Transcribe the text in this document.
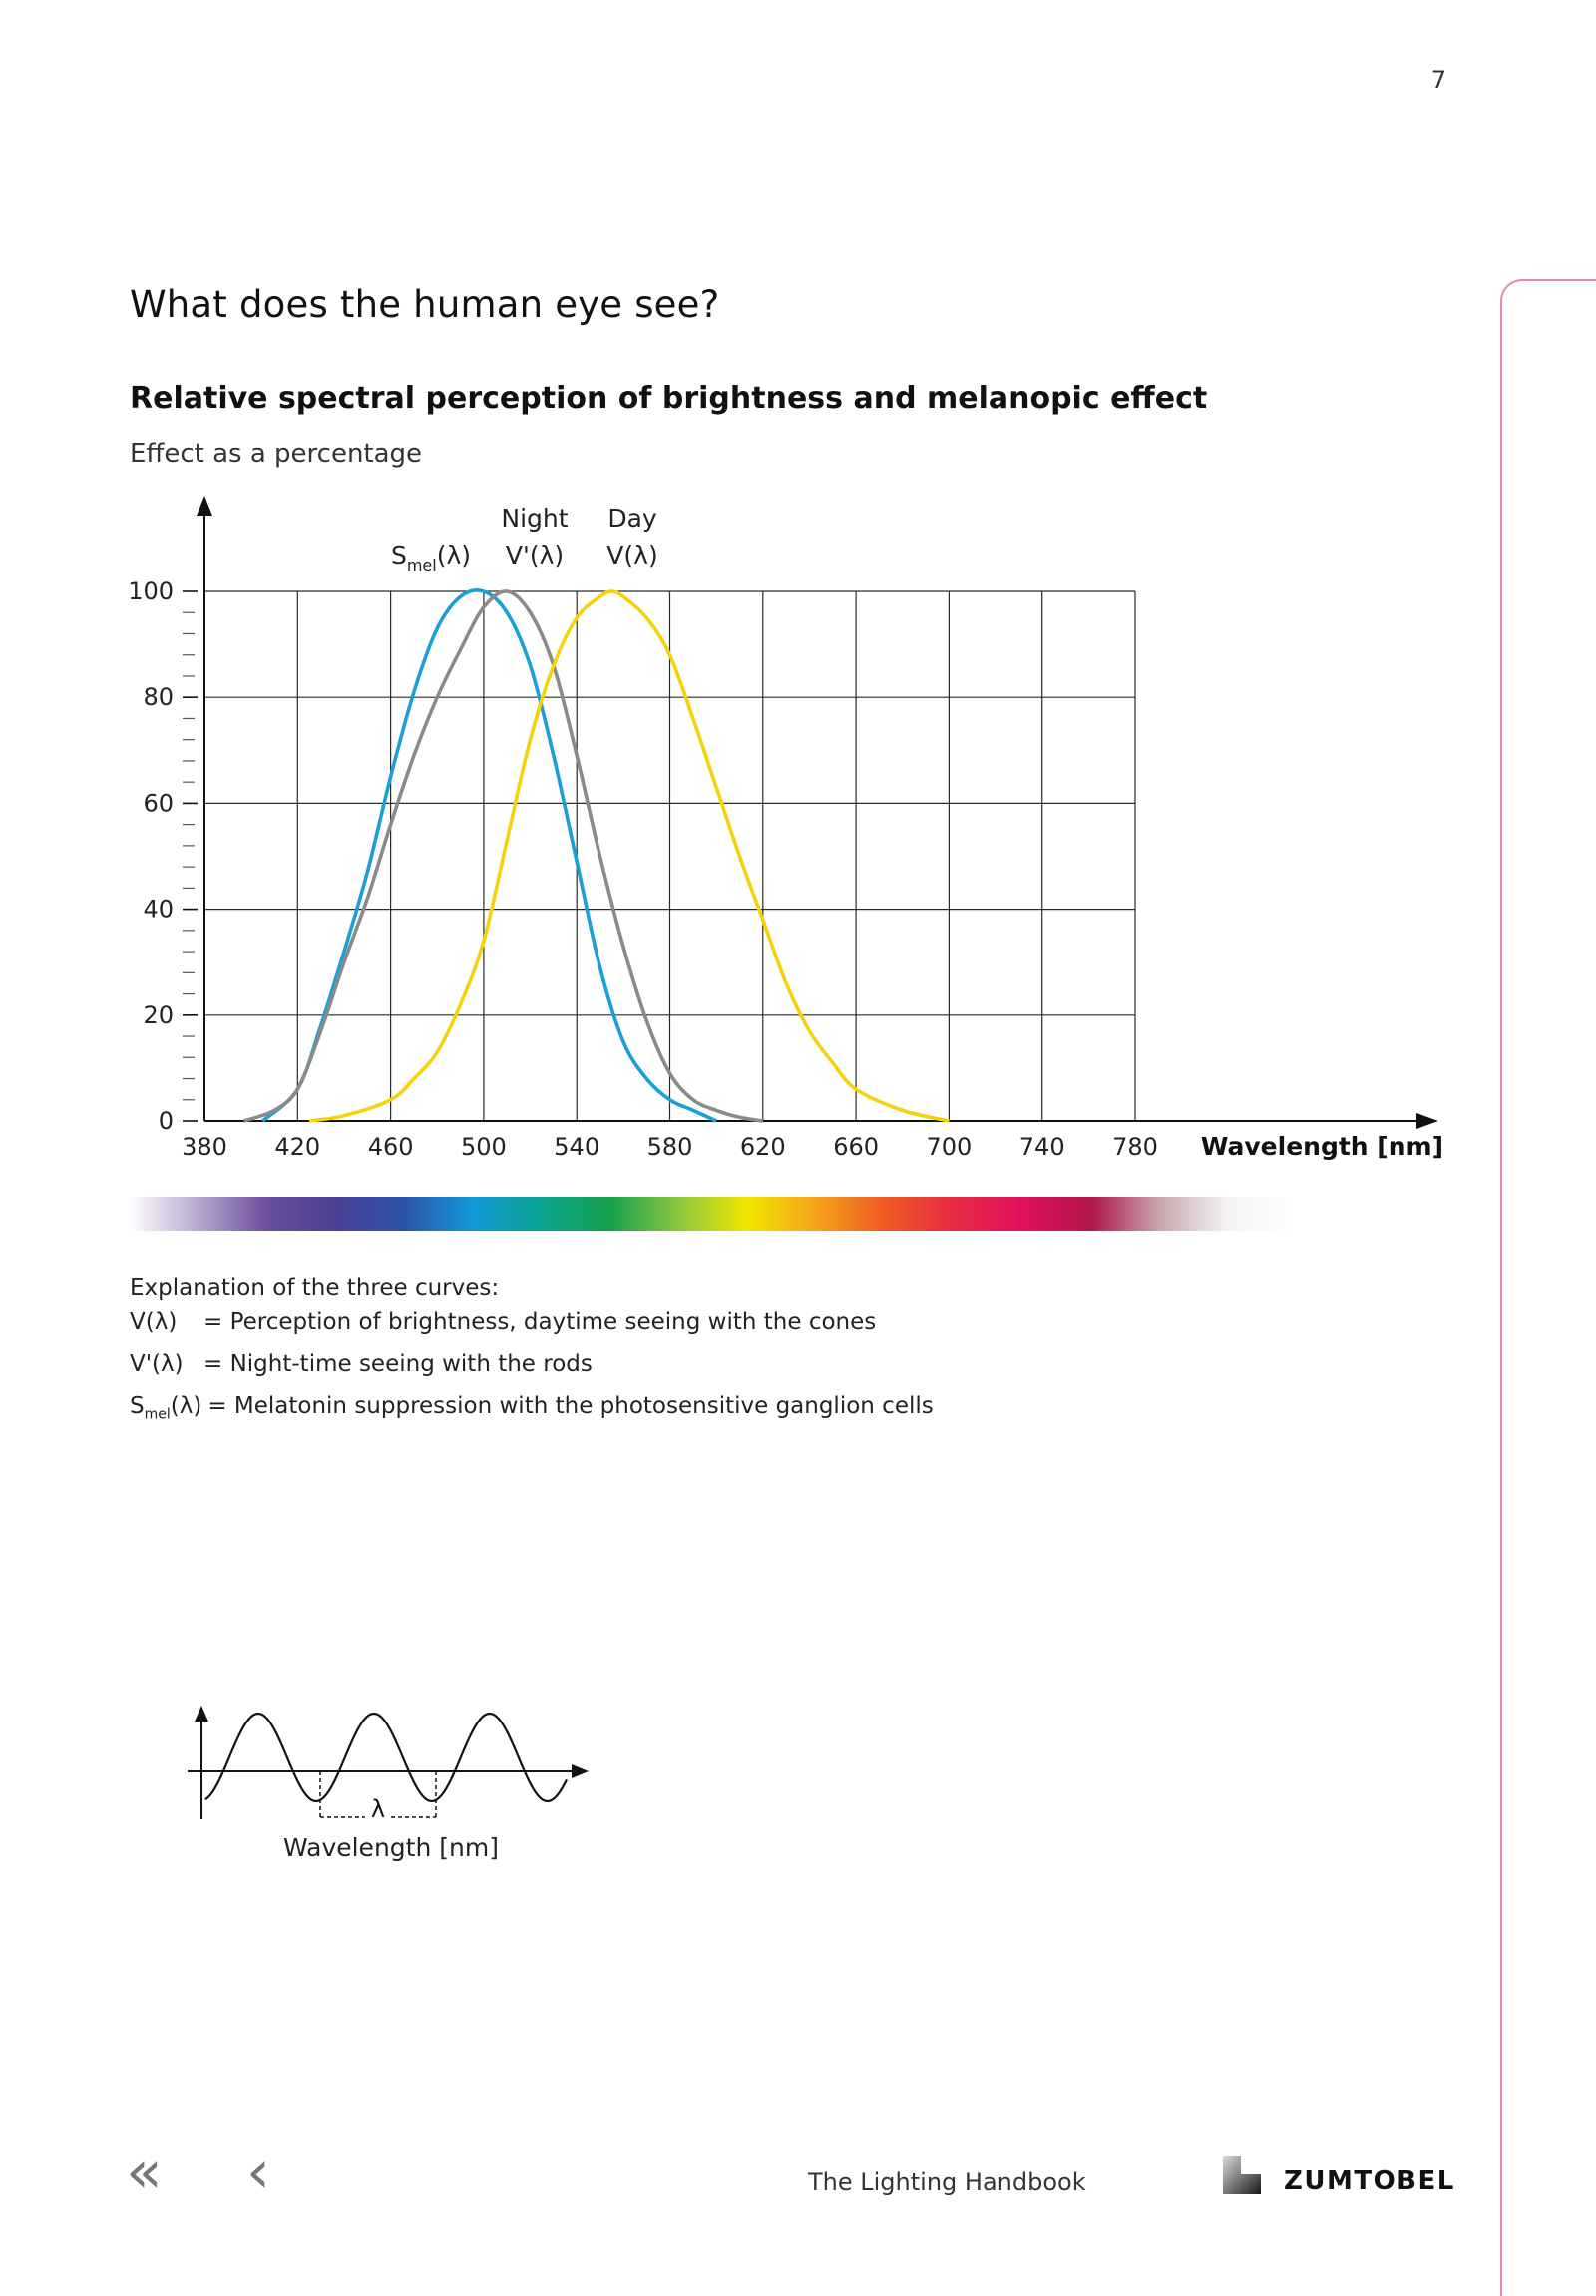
7
What does the human eye see?
Relative spectral perception of brightness and melanopic effect
Effect as a percentage
380 420 460 500 540 580 620 660 700 740 780
0
20
40
60
80
100
Wavelength [nm]
$S_{mel}(\lambda)$
Night
V'(λ)
Day
V(λ)
Explanation of the three curves:
V(λ) = Perception of brightness, daytime seeing with the cones
V'(λ) = Night-time seeing with the rods
$S_{mel}(\lambda)$ = Melatonin suppression with the photosensitive ganglion cells
λ
Wavelength [nm]
« ‹	The Lighting Handbook	ZUMTOBEL
